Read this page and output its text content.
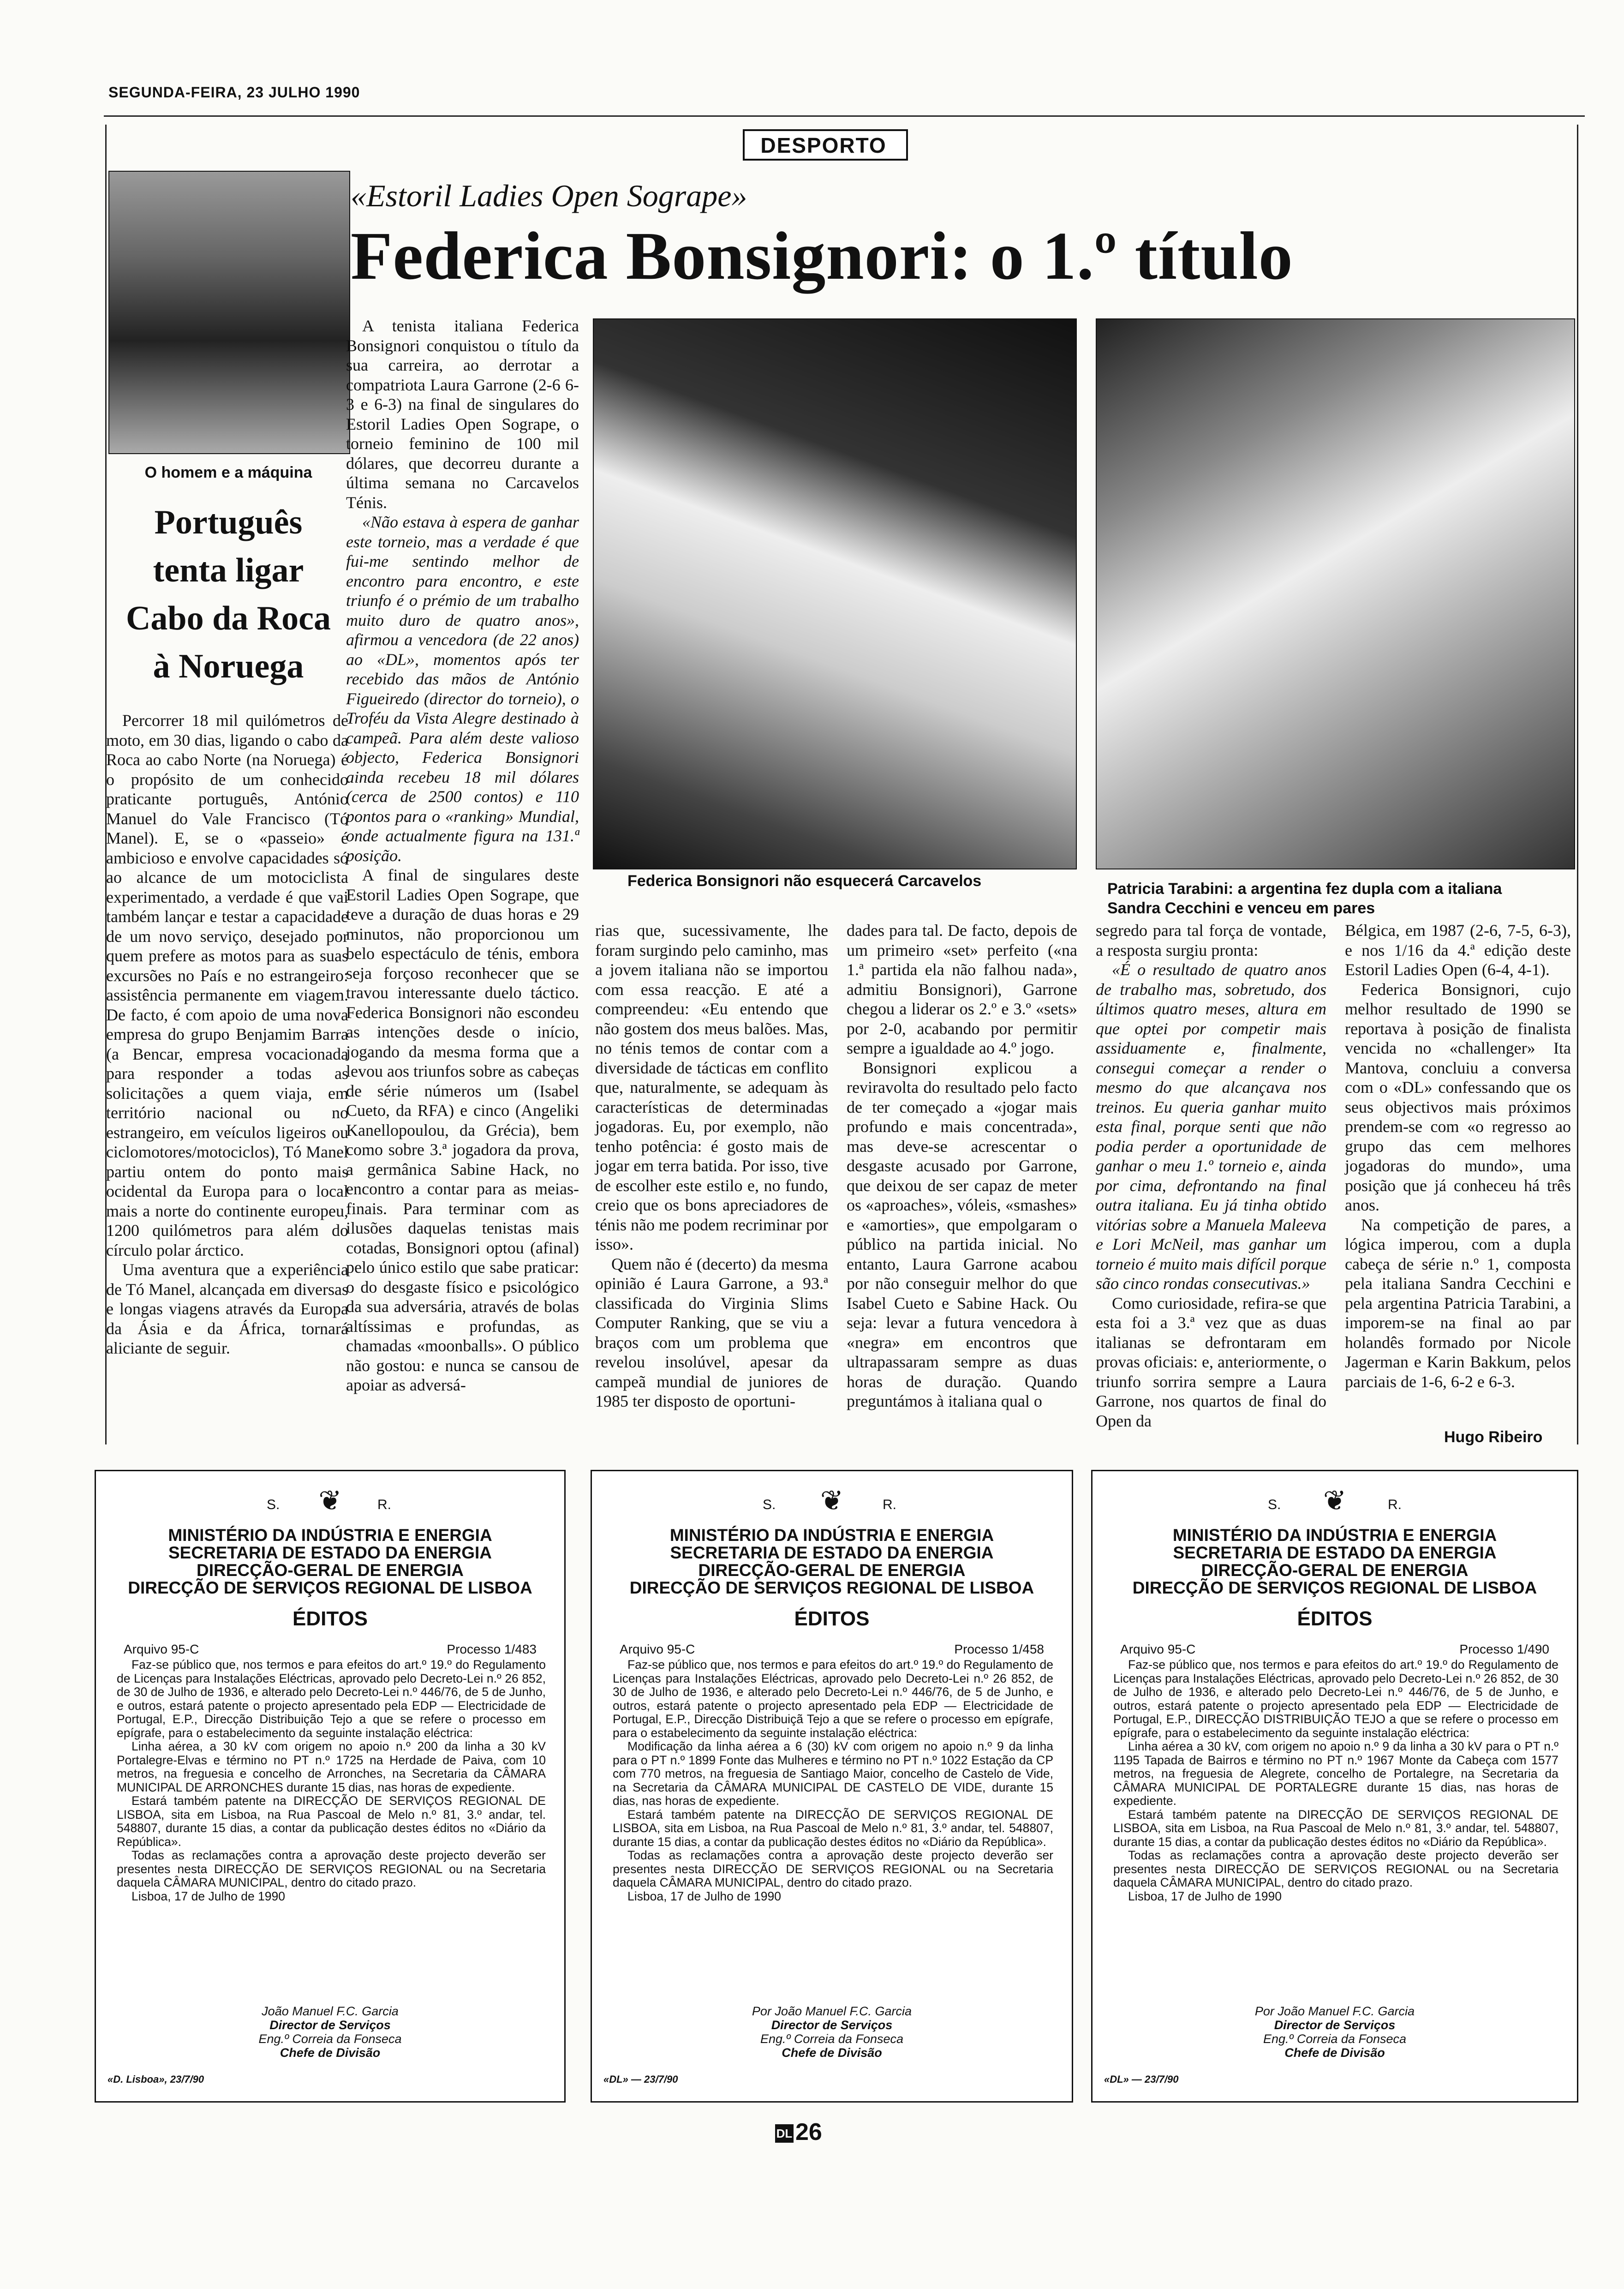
SEGUNDA-FEIRA, 23 JULHO 1990
DESPORTO
O homem e a máquina
Português
tenta ligar
Cabo da Roca
à Noruega

Percorrer 18 mil quilómetros de moto, em 30 dias, ligando o cabo da Roca ao cabo Norte (na Noruega) é o propósito de um conhecido praticante português, António Manuel do Vale Francisco (Tó Manel). E, se o «passeio» é ambicioso e envolve capacidades só ao alcance de um motociclista experimentado, a verdade é que vai também lançar e testar a capacidade de um novo serviço, desejado por quem prefere as motos para as suas excursões no País e no estrangeiro: assistência permanente em viagem. De facto, é com apoio de uma nova empresa do grupo Benjamim Barra (a Bencar, empresa vocacionada para responder a todas as solicitações a quem viaja, em território nacional ou no estrangeiro, em veículos ligeiros ou ciclomotores/motociclos), Tó Manel partiu ontem do ponto mais ocidental da Europa para o local mais a norte do continente europeu, 1200 quilómetros para além do círculo polar árctico.

Uma aventura que a experiência de Tó Manel, alcançada em diversas e longas viagens através da Europa da Ásia e da África, tornará aliciante de seguir.

«Estoril Ladies Open Sogrape»
Federica Bonsignori: o 1.º título

A tenista italiana Federica Bonsignori conquistou o título da sua carreira, ao derrotar a compatriota Laura Garrone (2-6 6-3 e 6-3) na final de singulares do Estoril Ladies Open Sogrape, o torneio feminino de 100 mil dólares, que decorreu durante a última semana no Carcavelos Ténis.

«Não estava à espera de ganhar este torneio, mas a verdade é que fui-me sentindo melhor de encontro para encontro, e este triunfo é o prémio de um trabalho muito duro de quatro anos», afirmou a vencedora (de 22 anos) ao «DL», momentos após ter recebido das mãos de António Figueiredo (director do torneio), o Troféu da Vista Alegre destinado à campeã. Para além deste valioso objecto, Federica Bonsignori ainda recebeu 18 mil dólares (cerca de 2500 contos) e 110 pontos para o «ranking» Mundial, onde actualmente figura na 131.ª posição.

A final de singulares deste Estoril Ladies Open Sogrape, que teve a duração de duas horas e 29 minutos, não proporcionou um belo espectáculo de ténis, embora seja forçoso reconhecer que se travou interessante duelo táctico. Federica Bonsignori não escondeu as intenções desde o início, jogando da mesma forma que a levou aos triunfos sobre as cabeças de série números um (Isabel Cueto, da RFA) e cinco (Angeliki Kanellopoulou, da Grécia), bem como sobre 3.ª jogadora da prova, a germânica Sabine Hack, no encontro a contar para as meias-finais. Para terminar com as ilusões daquelas tenistas mais cotadas, Bonsignori optou (afinal) pelo único estilo que sabe praticar: o do desgaste físico e psicológico da sua adversária, através de bolas altíssimas e profundas, as chamadas «moonballs». O público não gostou: e nunca se cansou de apoiar as adversá-

Federica Bonsignori não esquecerá Carcavelos	Patricia Tarabini: a argentina fez dupla com a italiana
Sandra Cecchini e venceu em pares

rias que, sucessivamente, lhe foram surgindo pelo caminho, mas a jovem italiana não se importou com essa reacção. E até a compreendeu: «Eu entendo que não gostem dos meus balões. Mas, no ténis temos de contar com a diversidade de tácticas em conflito que, naturalmente, se adequam às características de determinadas jogadoras. Eu, por exemplo, não tenho potência: é gosto mais de jogar em terra batida. Por isso, tive de escolher este estilo e, no fundo, creio que os bons apreciadores de ténis não me podem recriminar por isso».

Quem não é (decerto) da mesma opinião é Laura Garrone, a 93.ª classificada do Virginia Slims Computer Ranking, que se viu a braços com um problema que revelou insolúvel, apesar da campeã mundial de juniores de 1985 ter disposto de oportuni-

dades para tal. De facto, depois de um primeiro «set» perfeito («na 1.ª partida ela não falhou nada», admitiu Bonsignori), Garrone chegou a liderar os 2.º e 3.º «sets» por 2-0, acabando por permitir sempre a igualdade ao 4.º jogo.

Bonsignori explicou a reviravolta do resultado pelo facto de ter começado a «jogar mais profundo e mais concentrada», mas deve-se acrescentar o desgaste acusado por Garrone, que deixou de ser capaz de meter os «aproaches», vóleis, «smashes» e «amorties», que empolgaram o público na partida inicial. No entanto, Laura Garrone acabou por não conseguir melhor do que Isabel Cueto e Sabine Hack. Ou seja: levar a futura vencedora à «negra» em encontros que ultrapassaram sempre as duas horas de duração. Quando preguntámos à italiana qual o

segredo para tal força de vontade, a resposta surgiu pronta:

«É o resultado de quatro anos de trabalho mas, sobretudo, dos últimos quatro meses, altura em que optei por competir mais assiduamente e, finalmente, consegui começar a render o mesmo do que alcançava nos treinos. Eu queria ganhar muito esta final, porque senti que não podia perder a oportunidade de ganhar o meu 1.º torneio e, ainda por cima, defrontando na final outra italiana. Eu já tinha obtido vitórias sobre a Manuela Maleeva e Lori McNeil, mas ganhar um torneio é muito mais difícil porque são cinco rondas consecutivas.»

Como curiosidade, refira-se que esta foi a 3.ª vez que as duas italianas se defrontaram em provas oficiais: e, anteriormente, o triunfo sorrira sempre a Laura Garrone, nos quartos de final do Open da

Bélgica, em 1987 (2-6, 7-5, 6-3), e nos 1/16 da 4.ª edição deste Estoril Ladies Open (6-4, 4-1).

Federica Bonsignori, cujo melhor resultado de 1990 se reportava à posição de finalista vencida no «challenger» Ita Mantova, concluiu a conversa com o «DL» confessando que os seus objectivos mais próximos prendem-se com «o regresso ao grupo das cem melhores jogadoras do mundo», uma posição que já conheceu há três anos.

Na competição de pares, a lógica imperou, com a dupla cabeça de série n.º 1, composta pela italiana Sandra Cecchini e pela argentina Patricia Tarabini, a imporem-se na final ao par holandês formado por Nicole Jagerman e Karin Bakkum, pelos parciais de 1-6, 6-2 e 6-3.

Hugo Ribeiro
S. ❦	R.
MINISTÉRIO DA INDÚSTRIA E ENERGIA
SECRETARIA DE ESTADO DA ENERGIA
DIRECÇÃO-GERAL DE ENERGIA
DIRECÇÃO DE SERVIÇOS REGIONAL DE LISBOA
ÉDITOS
Arquivo 95-C	Processo 1/483

Faz-se público que, nos termos e para efeitos do art.º 19.º do Regulamento de Licenças para Instalações Eléctricas, aprovado pelo Decreto-Lei n.º 26 852, de 30 de Julho de 1936, e alterado pelo Decreto-Lei n.º 446/76, de 5 de Junho, e outros, estará patente o projecto apresentado pela EDP — Electricidade de Portugal, E.P., Direcção Distribuição Tejo a que se refere o processo em epígrafe, para o estabelecimento da seguinte instalação eléctrica:

Linha aérea, a 30 kV com origem no apoio n.º 200 da linha a 30 kV Portalegre-Elvas e término no PT n.º 1725 na Herdade de Paiva, com 10 metros, na freguesia e concelho de Arronches, na Secretaria da CÂMARA MUNICIPAL DE ARRONCHES durante 15 dias, nas horas de expediente.

Estará também patente na DIRECÇÃO DE SERVIÇOS REGIONAL DE LISBOA, sita em Lisboa, na Rua Pascoal de Melo n.º 81, 3.º andar, tel. 548807, durante 15 dias, a contar da publicação destes éditos no «Diário da República».

Todas as reclamações contra a aprovação deste projecto deverão ser presentes nesta DIRECÇÃO DE SERVIÇOS REGIONAL ou na Secretaria daquela CÂMARA MUNICIPAL, dentro do citado prazo.

Lisboa, 17 de Julho de 1990

João Manuel F.C. Garcia
Director de Serviços
Eng.º Correia da Fonseca
Chefe de Divisão
«D. Lisboa», 23/7/90
S. ❦	R.
MINISTÉRIO DA INDÚSTRIA E ENERGIA
SECRETARIA DE ESTADO DA ENERGIA
DIRECÇÃO-GERAL DE ENERGIA
DIRECÇÃO DE SERVIÇOS REGIONAL DE LISBOA
ÉDITOS
Arquivo 95-C	Processo 1/458

Faz-se público que, nos termos e para efeitos do art.º 19.º do Regulamento de Licenças para Instalações Eléctricas, aprovado pelo Decreto-Lei n.º 26 852, de 30 de Julho de 1936, e alterado pelo Decreto-Lei n.º 446/76, de 5 de Junho, e outros, estará patente o projecto apresentado pela EDP — Electricidade de Portugal, E.P., Direcção Distribuiçã Tejo a que se refere o processo em epígrafe, para o estabelecimento da seguinte instalação eléctrica:

Modificação da linha aérea a 6 (30) kV com origem no apoio n.º 9 da linha para o PT n.º 1899 Fonte das Mulheres e término no PT n.º 1022 Estação da CP com 770 metros, na freguesia de Santiago Maior, concelho de Castelo de Vide, na Secretaria da CÂMARA MUNICIPAL DE CASTELO DE VIDE, durante 15 dias, nas horas de expediente.

Estará também patente na DIRECÇÃO DE SERVIÇOS REGIONAL DE LISBOA, sita em Lisboa, na Rua Pascoal de Melo n.º 81, 3.º andar, tel. 548807, durante 15 dias, a contar da publicação destes éditos no «Diário da República».

Todas as reclamações contra a aprovação deste projecto deverão ser presentes nesta DIRECÇÃO DE SERVIÇOS REGIONAL ou na Secretaria daquela CÂMARA MUNICIPAL, dentro do citado prazo.

Lisboa, 17 de Julho de 1990

Por João Manuel F.C. Garcia
Director de Serviços
Eng.º Correia da Fonseca
Chefe de Divisão
«DL» — 23/7/90
S. ❦	R.
MINISTÉRIO DA INDÚSTRIA E ENERGIA
SECRETARIA DE ESTADO DA ENERGIA
DIRECÇÃO-GERAL DE ENERGIA
DIRECÇÃO DE SERVIÇOS REGIONAL DE LISBOA
ÉDITOS
Arquivo 95-C	Processo 1/490

Faz-se público que, nos termos e para efeitos do art.º 19.º do Regulamento de Licenças para Instalações Eléctricas, aprovado pelo Decreto-Lei n.º 26 852, de 30 de Julho de 1936, e alterado pelo Decreto-Lei n.º 446/76, de 5 de Junho, e outros, estará patente o projecto apresentado pela EDP — Electricidade de Portugal, E.P., DIRECÇÃO DISTRIBUIÇÃO TEJO a que se refere o processo em epígrafe, para o estabelecimento da seguinte instalação eléctrica:

Linha aérea a 30 kV, com origem no apoio n.º 9 da linha a 30 kV para o PT n.º 1195 Tapada de Bairros e término no PT n.º 1967 Monte da Cabeça com 1577 metros, na freguesia de Alegrete, concelho de Portalegre, na Secretaria da CÂMARA MUNICIPAL DE PORTALEGRE durante 15 dias, nas horas de expediente.

Estará também patente na DIRECÇÃO DE SERVIÇOS REGIONAL DE LISBOA, sita em Lisboa, na Rua Pascoal de Melo n.º 81, 3.º andar, tel. 548807, durante 15 dias, a contar da publicação destes éditos no «Diário da República».

Todas as reclamações contra a aprovação deste projecto deverão ser presentes nesta DIRECÇÃO DE SERVIÇOS REGIONAL ou na Secretaria daquela CÂMARA MUNICIPAL, dentro do citado prazo.

Lisboa, 17 de Julho de 1990

Por João Manuel F.C. Garcia
Director de Serviços
Eng.º Correia da Fonseca
Chefe de Divisão
«DL» — 23/7/90
DL 26
